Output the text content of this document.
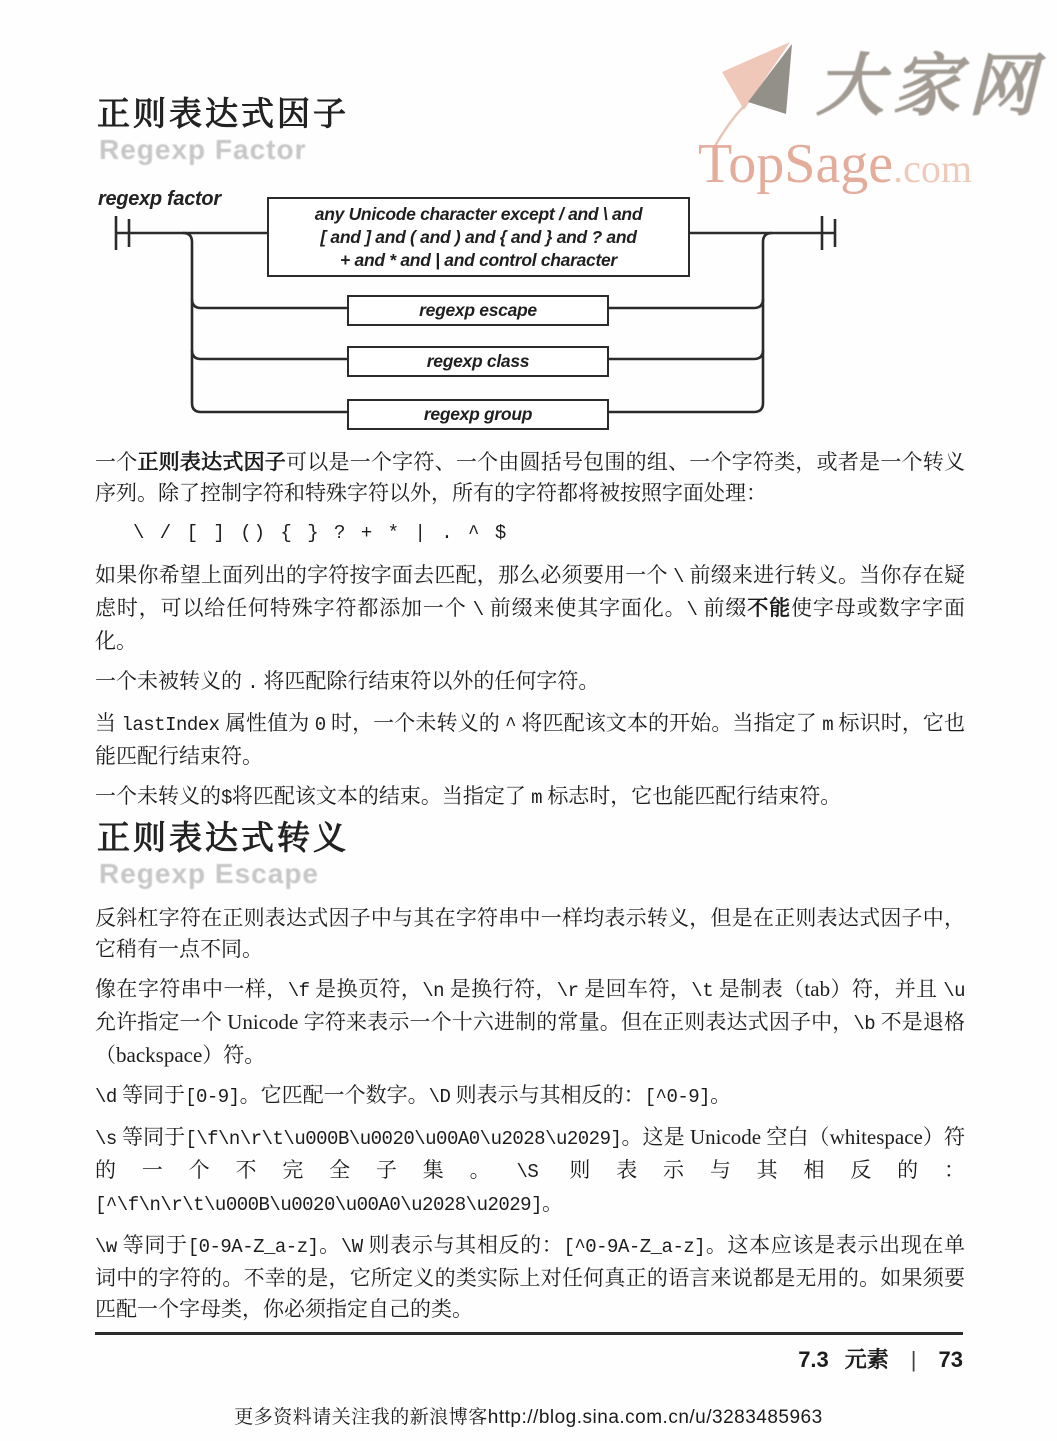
大家网
TopSage.com
正则表达式因子
Regexp Factor
regexp factor
any Unicode character except / and \ and
[ and ] and ( and ) and { and } and ? and
+ and * and | and control character
regexp escape
regexp class
regexp group

一个正则表达式因子可以是一个字符、一个由圆括号包围的组、一个字符类，或者是一个转义序列。除了控制字符和特殊字符以外，所有的字符都将被按照字面处理：

\ / [ ] () { } ? + * | . ^ $

如果你希望上面列出的字符按字面去匹配，那么必须要用一个 \ 前缀来进行转义。当你存在疑虑时，可以给任何特殊字符都添加一个 \ 前缀来使其字面化。\ 前缀不能使字母或数字字面化。

一个未被转义的 . 将匹配除行结束符以外的任何字符。

当 lastIndex 属性值为 0 时，一个未转义的 ^ 将匹配该文本的开始。当指定了 m 标识时，它也能匹配行结束符。

一个未转义的$将匹配该文本的结束。当指定了 m 标志时，它也能匹配行结束符。

正则表达式转义
Regexp Escape

反斜杠字符在正则表达式因子中与其在字符串中一样均表示转义，但是在正则表达式因子中，它稍有一点不同。

像在字符串中一样，\f 是换页符，\n 是换行符，\r 是回车符，\t 是制表（tab）符，并且 \u 允许指定一个 Unicode 字符来表示一个十六进制的常量。但在正则表达式因子中，\b 不是退格（backspace）符。

\d 等同于[0-9]。它匹配一个数字。\D 则表示与其相反的：[^0-9]。

\s 等同于[\f\n\r\t\u000B\u0020\u00A0\u2028\u2029]。这是 Unicode 空白（whitespace）符的一个不完全子集。\S 则表示与其相反的：[^\f\n\r\t\u000B\u0020\u00A0\u2028\u2029]。

\w 等同于[0-9A-Z_a-z]。\W 则表示与其相反的：[^0-9A-Z_a-z]。这本应该是表示出现在单词中的字符的。不幸的是，它所定义的类实际上对任何真正的语言来说都是无用的。如果须要匹配一个字母类，你必须指定自己的类。

7.3 元素 | 73
更多资料请关注我的新浪博客http://blog.sina.com.cn/u/3283485963
